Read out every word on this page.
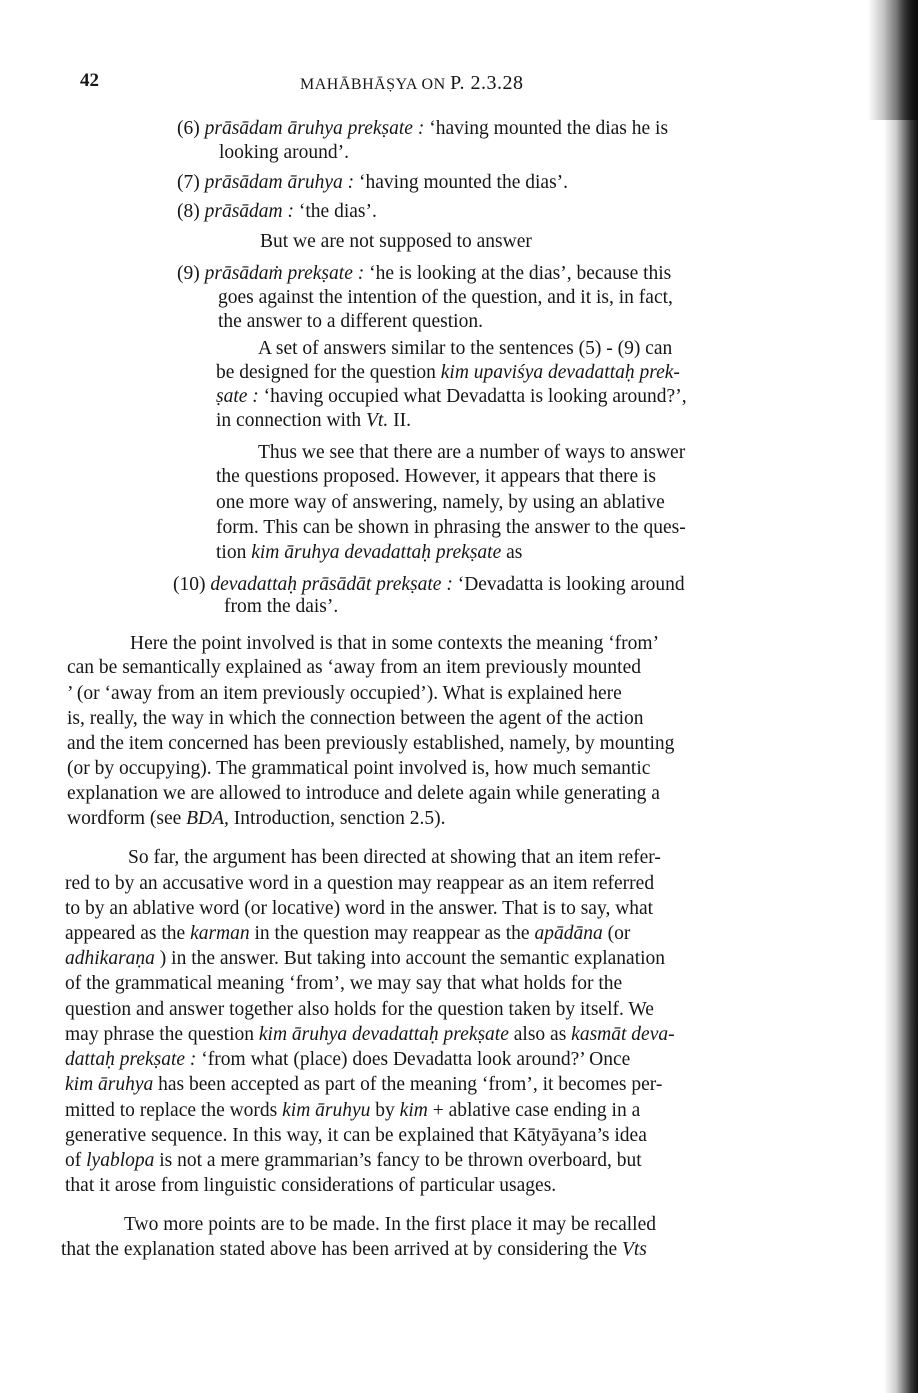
42	MAHĀBHĀṢYA ON P. 2.3.28
(6) prāsādam āruhya prekṣate : ‘having mounted the dias he is
looking around’.
(7) prāsādam āruhya : ‘having mounted the dias’.
(8) prāsādam : ‘the dias’.
But we are not supposed to answer
(9) prāsādaṁ prekṣate : ‘he is looking at the dias’, because this
goes against the intention of the question, and it is, in fact,
the answer to a different question.
A set of answers similar to the sentences (5) - (9) can
be designed for the question kim upaviśya devadattaḥ prek-
ṣate : ‘having occupied what Devadatta is looking around?’,
in connection with Vt. II.
Thus we see that there are a number of ways to answer
the questions proposed. However, it appears that there is
one more way of answering, namely, by using an ablative
form. This can be shown in phrasing the answer to the ques-
tion kim āruhya devadattaḥ prekṣate as
(10) devadattaḥ prāsādāt prekṣate : ‘Devadatta is looking around
from the dais’.
Here the point involved is that in some contexts the meaning ‘from’
can be semantically explained as ‘away from an item previously mounted
’ (or ‘away from an item previously occupied’). What is explained here
is, really, the way in which the connection between the agent of the action
and the item concerned has been previously established, namely, by mounting
(or by occupying). The grammatical point involved is, how much semantic
explanation we are allowed to introduce and delete again while generating a
wordform (see BDA, Introduction, senction 2.5).
So far, the argument has been directed at showing that an item refer-
red to by an accusative word in a question may reappear as an item referred
to by an ablative word (or locative) word in the answer. That is to say, what
appeared as the karman in the question may reappear as the apādāna (or
adhikaraṇa ) in the answer. But taking into account the semantic explanation
of the grammatical meaning ‘from’, we may say that what holds for the
question and answer together also holds for the question taken by itself. We
may phrase the question kim āruhya devadattaḥ prekṣate also as kasmāt deva-
dattaḥ prekṣate : ‘from what (place) does Devadatta look around?’ Once
kim āruhya has been accepted as part of the meaning ‘from’, it becomes per-
mitted to replace the words kim āruhyu by kim + ablative case ending in a
generative sequence. In this way, it can be explained that Kātyāyana’s idea
of lyablopa is not a mere grammarian’s fancy to be thrown overboard, but
that it arose from linguistic considerations of particular usages.
Two more points are to be made. In the first place it may be recalled
that the explanation stated above has been arrived at by considering the Vts
